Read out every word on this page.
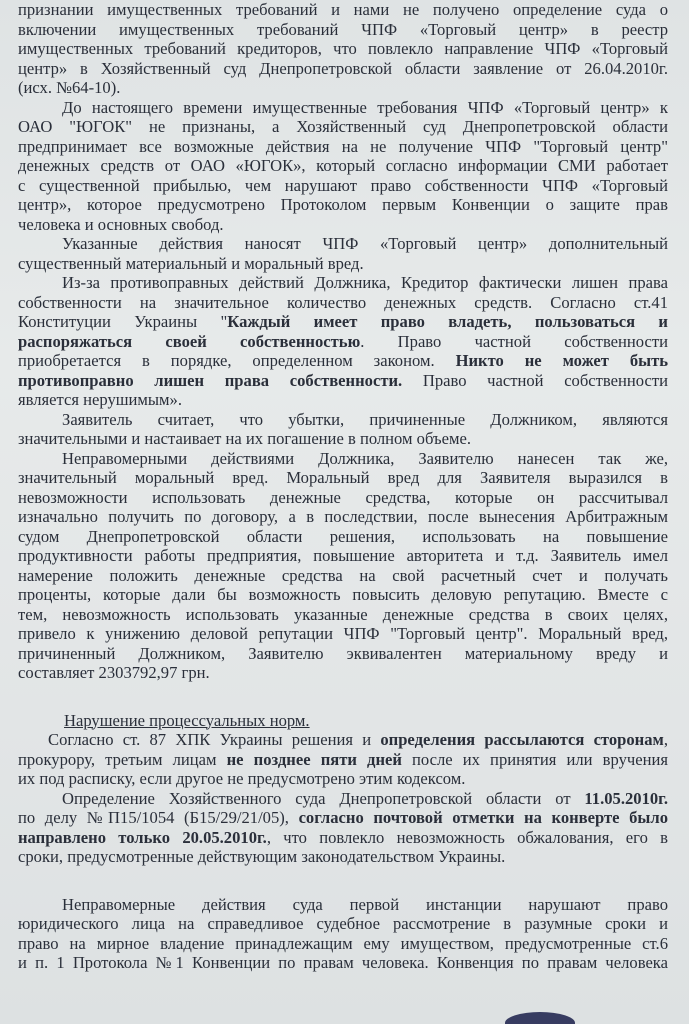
признании имущественных требований и нами не получено определение суда о
включении имущественных требований ЧПФ «Торговый центр» в реестр
имущественных требований кредиторов, что повлекло направление ЧПФ «Торговый
центр» в Хозяйственный суд Днепропетровской области заявление от 26.04.2010г.
(исх. №64-10).
До настоящего времени имущественные требования ЧПФ «Торговый центр» к
ОАО "ЮГОК" не признаны, а Хозяйственный суд Днепропетровской области
предпринимает все возможные действия на не получение ЧПФ "Торговый центр"
денежных средств от ОАО «ЮГОК», который согласно информации СМИ работает
с существенной прибылью, чем нарушают право собственности ЧПФ «Торговый
центр», которое предусмотрено Протоколом первым Конвенции о защите прав
человека и основных свобод.
Указанные действия наносят ЧПФ «Торговый центр» дополнительный
существенный материальный и моральный вред.
Из-за противоправных действий Должника, Кредитор фактически лишен права
собственности на значительное количество денежных средств. Согласно ст.41
Конституции Украины "Каждый имеет право владеть, пользоваться и
распоряжаться своей собственностью. Право частной собственности
приобретается в порядке, определенном законом. Никто не может быть
противоправно лишен права собственности. Право частной собственности
является нерушимым».
Заявитель считает, что убытки, причиненные Должником, являются
значительными и настаивает на их погашение в полном объеме.
Неправомерными действиями Должника, Заявителю нанесен так же,
значительный моральный вред. Моральный вред для Заявителя выразился в
невозможности использовать денежные средства, которые он рассчитывал
изначально получить по договору, а в последствии, после вынесения Арбитражным
судом Днепропетровской области решения, использовать на повышение
продуктивности работы предприятия, повышение авторитета и т.д. Заявитель имел
намерение положить денежные средства на свой расчетный счет и получать
проценты, которые дали бы возможность повысить деловую репутацию. Вместе с
тем, невозможность использовать указанные денежные средства в своих целях,
привело к унижению деловой репутации ЧПФ "Торговый центр". Моральный вред,
причиненный Должником, Заявителю эквивалентен материальному вреду и
составляет 2303792,97 грн.
Нарушение процессуальных норм.
Согласно ст. 87 ХПК Украины решения и определения рассылаются сторонам,
прокурору, третьим лицам не позднее пяти дней после их принятия или вручения
их под расписку, если другое не предусмотрено этим кодексом.
Определение Хозяйственного суда Днепропетровской области от 11.05.2010г.
по делу №П15/1054 (Б15/29/21/05), согласно почтовой отметки на конверте было
направлено только 20.05.2010г., что повлекло невозможность обжалования, его в
сроки, предусмотренные действующим законодательством Украины.
Неправомерные действия суда первой инстанции нарушают право
юридического лица на справедливое судебное рассмотрение в разумные сроки и
право на мирное владение принадлежащим ему имуществом, предусмотренные ст.6
и п. 1 Протокола №1 Конвенции по правам человека. Конвенция по правам человека
